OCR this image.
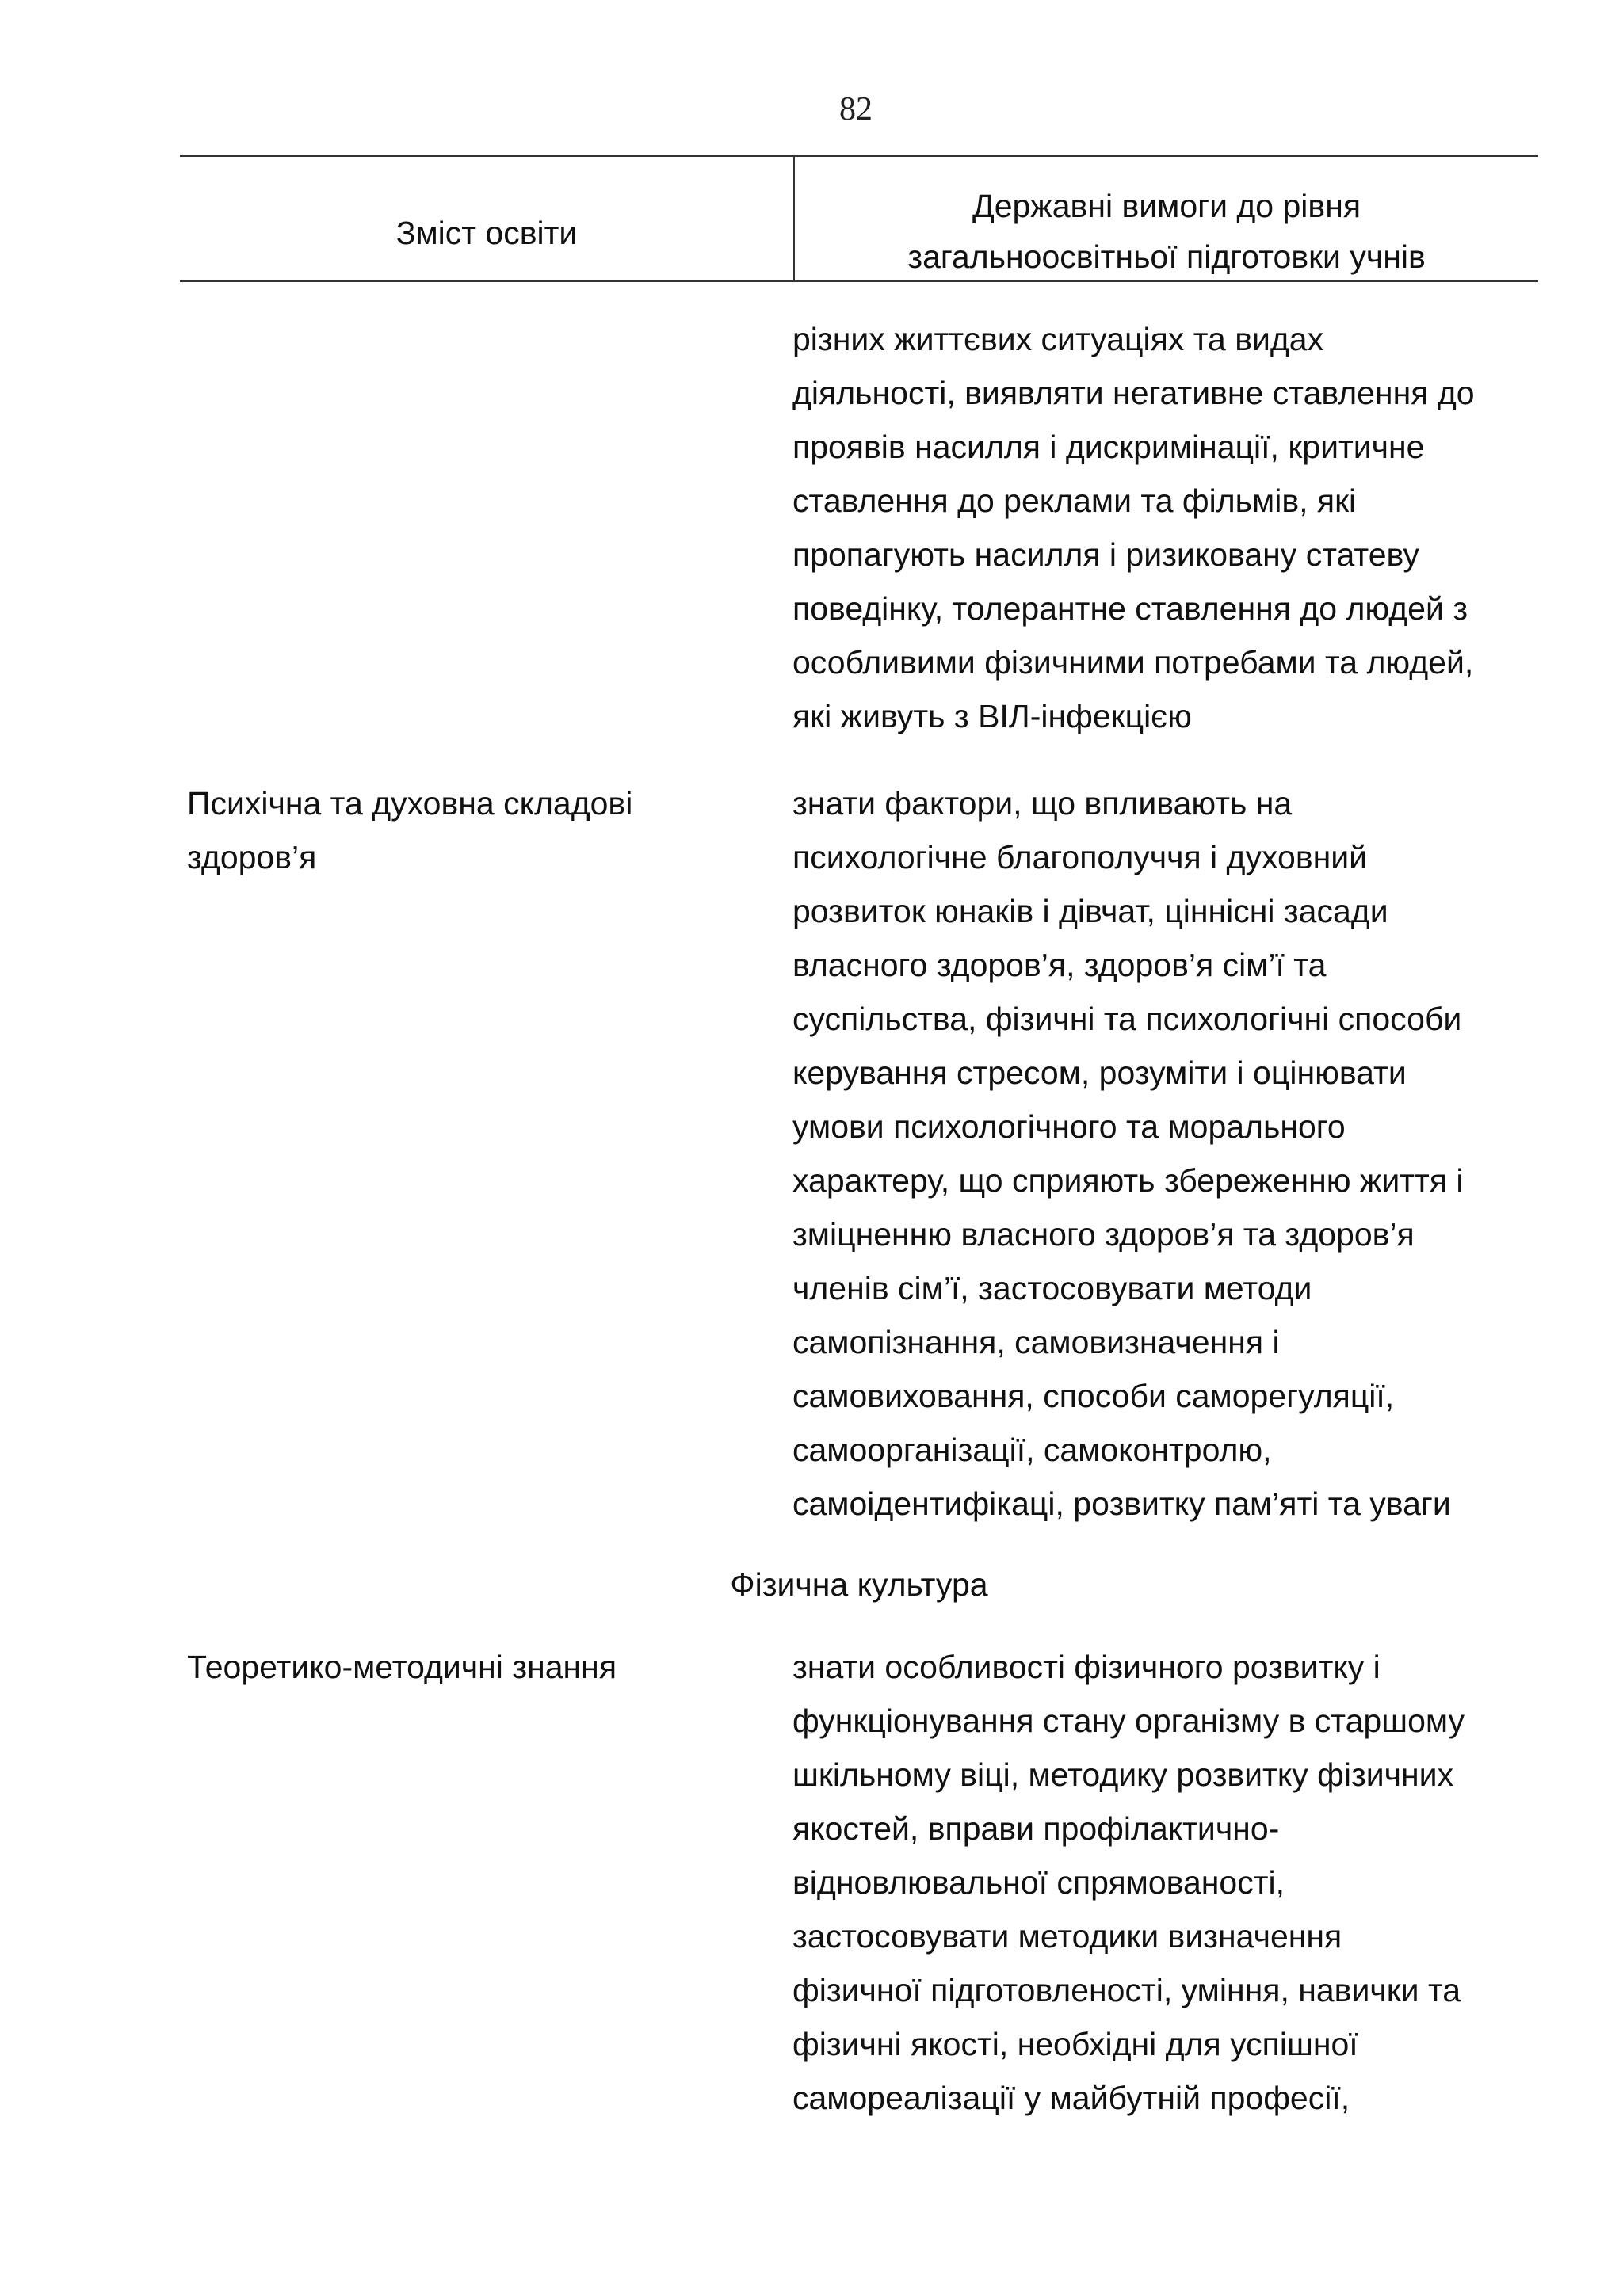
82
Зміст освіти
Державні вимоги до рівня
загальноосвітньої підготовки учнів
різних життєвих ситуаціях та видах
діяльності, виявляти негативне ставлення до
проявів насилля і дискримінації, критичне
ставлення до реклами та фільмів, які
пропагують насилля і ризиковану статеву
поведінку, толерантне ставлення до людей з
особливими фізичними потребами та людей,
які живуть з ВІЛ-інфекцією
Психічна та духовна складові
здоров’я
знати фактори, що впливають на
психологічне благополуччя і духовний
розвиток юнаків і дівчат, ціннісні засади
власного здоров’я, здоров’я сім’ї та
суспільства, фізичні та психологічні способи
керування стресом, розуміти і оцінювати
умови психологічного та морального
характеру, що сприяють збереженню життя і
зміцненню власного здоров’я та здоров’я
членів сім’ї, застосовувати методи
самопізнання, самовизначення і
самовиховання, способи саморегуляції,
самоорганізації, самоконтролю,
самоідентифікаці, розвитку пам’яті та уваги
Фізична культура
Теоретико-методичні знання	знати особливості фізичного розвитку і
функціонування стану організму в старшому
шкільному віці, методику розвитку фізичних
якостей, вправи профілактично-
відновлювальної спрямованості,
застосовувати методики визначення
фізичної підготовленості, уміння, навички та
фізичні якості, необхідні для успішної
самореалізації у майбутній професії,
